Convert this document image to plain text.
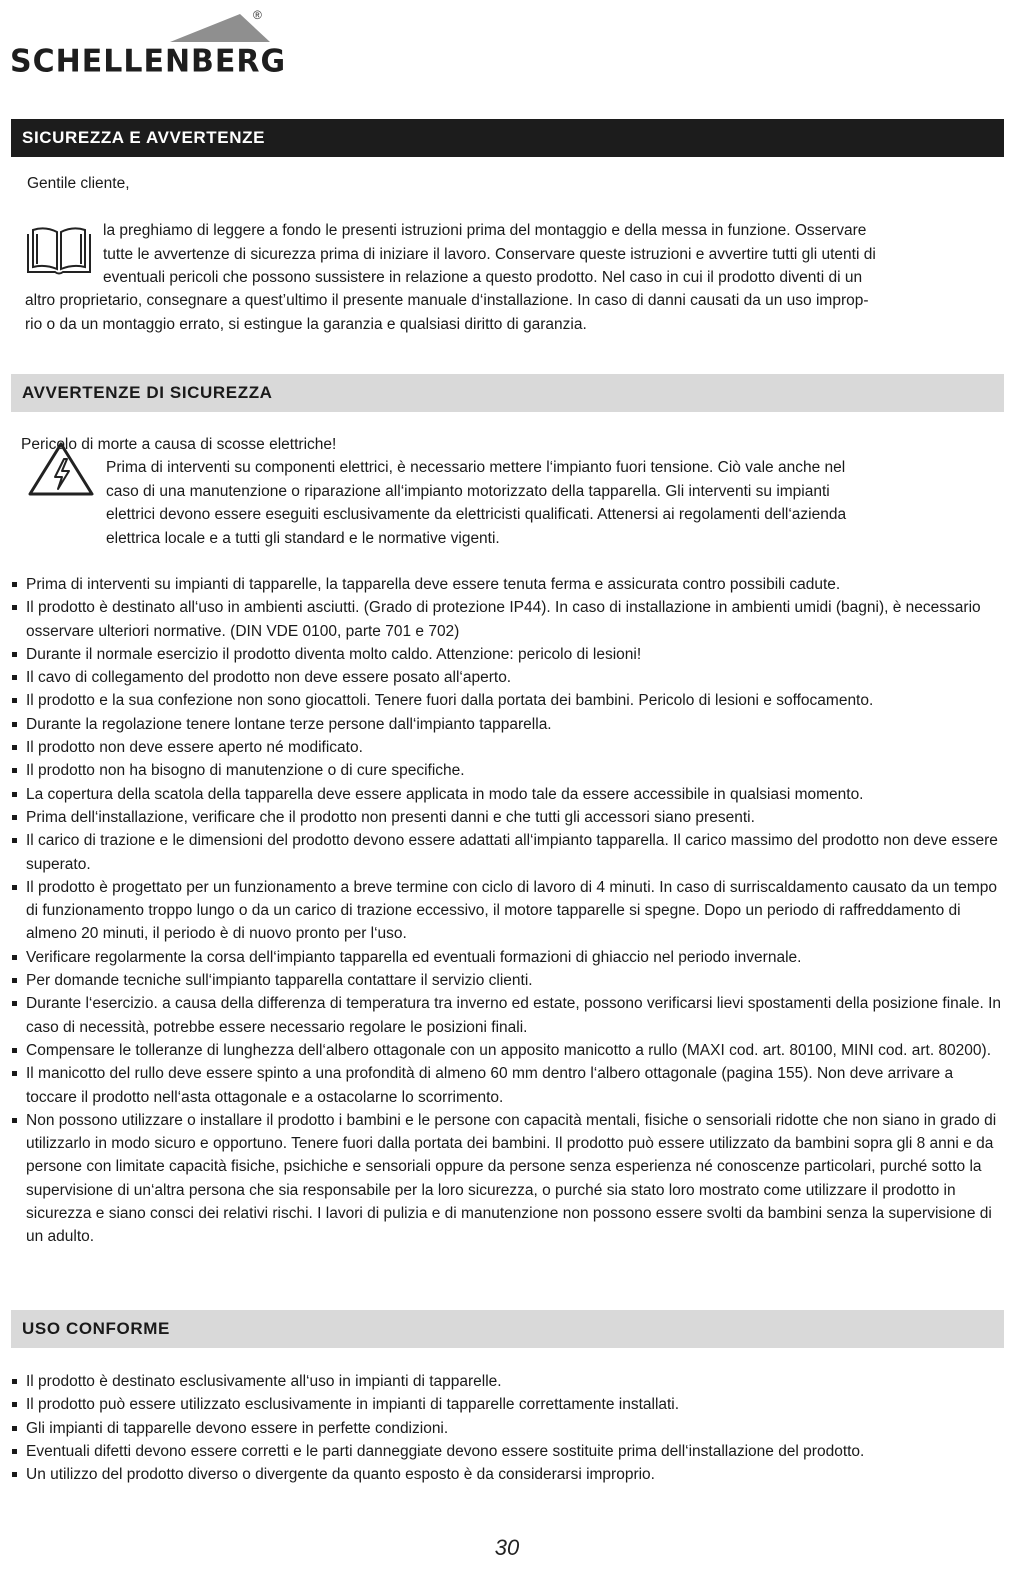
®
SCHELLENBERG
SICUREZZA E AVVERTENZE

Gentile cliente,

la preghiamo di leggere a fondo le presenti istruzioni prima del montaggio e della messa in funzione. Osservare
tutte le avvertenze di sicurezza prima di iniziare il lavoro. Conservare queste istruzioni e avvertire tutti gli utenti di
eventuali pericoli che possono sussistere in relazione a questo prodotto. Nel caso in cui il prodotto diventi di un
altro proprietario, consegnare a quest’ultimo il presente manuale d‘installazione. In caso di danni causati da un uso improp-
rio o da un montaggio errato, si estingue la garanzia e qualsiasi diritto di garanzia.
AVVERTENZE DI SICUREZZA
Pericolo di morte a causa di scosse elettriche!
Prima di interventi su componenti elettrici, è necessario mettere l‘impianto fuori tensione. Ciò vale anche nel
caso di una manutenzione o riparazione all‘impianto motorizzato della tapparella. Gli interventi su impianti
elettrici devono essere eseguiti esclusivamente da elettricisti qualificati. Attenersi ai regolamenti dell‘azienda
elettrica locale e a tutti gli standard e le normative vigenti.
Prima di interventi su impianti di tapparelle, la tapparella deve essere tenuta ferma e assicurata contro possibili cadute.
Il prodotto è destinato all‘uso in ambienti asciutti. (Grado di protezione IP44). In caso di installazione in ambienti umidi (bagni), è necessario osservare ulteriori normative. (DIN VDE 0100, parte 701 e 702)
Durante il normale esercizio il prodotto diventa molto caldo. Attenzione: pericolo di lesioni!
Il cavo di collegamento del prodotto non deve essere posato all‘aperto.
Il prodotto e la sua confezione non sono giocattoli. Tenere fuori dalla portata dei bambini. Pericolo di lesioni e soffocamento.
Durante la regolazione tenere lontane terze persone dall‘impianto tapparella.
Il prodotto non deve essere aperto né modificato.
Il prodotto non ha bisogno di manutenzione o di cure specifiche.
La copertura della scatola della tapparella deve essere applicata in modo tale da essere accessibile in qualsiasi momento.
Prima dell‘installazione, verificare che il prodotto non presenti danni e che tutti gli accessori siano presenti.
Il carico di trazione e le dimensioni del prodotto devono essere adattati all‘impianto tapparella. Il carico massimo del prodotto non deve essere superato.
Il prodotto è progettato per un funzionamento a breve termine con ciclo di lavoro di 4 minuti. In caso di surriscaldamento causato da un tempo di funzionamento troppo lungo o da un carico di trazione eccessivo, il motore tapparelle si spegne. Dopo un periodo di raffreddamento di almeno 20 minuti, il periodo è di nuovo pronto per l‘uso.
Verificare regolarmente la corsa dell‘impianto tapparella ed eventuali formazioni di ghiaccio nel periodo invernale.
Per domande tecniche sull‘impianto tapparella contattare il servizio clienti.
Durante l‘esercizio. a causa della differenza di temperatura tra inverno ed estate, possono verificarsi lievi spostamenti della posizione finale. In caso di necessità, potrebbe essere necessario regolare le posizioni finali.
Compensare le tolleranze di lunghezza dell‘albero ottagonale con un apposito manicotto a rullo (MAXI cod. art. 80100, MINI cod. art. 80200).
Il manicotto del rullo deve essere spinto a una profondità di almeno 60 mm dentro l‘albero ottagonale (pagina 155). Non deve arrivare a toccare il prodotto nell‘asta ottagonale e a ostacolarne lo scorrimento.
Non possono utilizzare o installare il prodotto i bambini e le persone con capacità mentali, fisiche o sensoriali ridotte che non siano in grado di utilizzarlo in modo sicuro e opportuno. Tenere fuori dalla portata dei bambini. Il prodotto può essere utilizzato da bambini sopra gli 8 anni e da persone con limitate capacità fisiche, psichiche e sensoriali oppure da persone senza esperienza né conoscenze particolari, purché sotto la supervisione di un‘altra persona che sia responsabile per la loro sicurezza, o purché sia stato loro mostrato come utilizzare il prodotto in sicurezza e siano consci dei relativi rischi. I lavori di pulizia e di manutenzione non possono essere svolti da bambini senza la supervisione di un adulto.
USO CONFORME
Il prodotto è destinato esclusivamente all‘uso in impianti di tapparelle.
Il prodotto può essere utilizzato esclusivamente in impianti di tapparelle correttamente installati.
Gli impianti di tapparelle devono essere in perfette condizioni.
Eventuali difetti devono essere corretti e le parti danneggiate devono essere sostituite prima dell‘installazione del prodotto.
Un utilizzo del prodotto diverso o divergente da quanto esposto è da considerarsi improprio.
30
